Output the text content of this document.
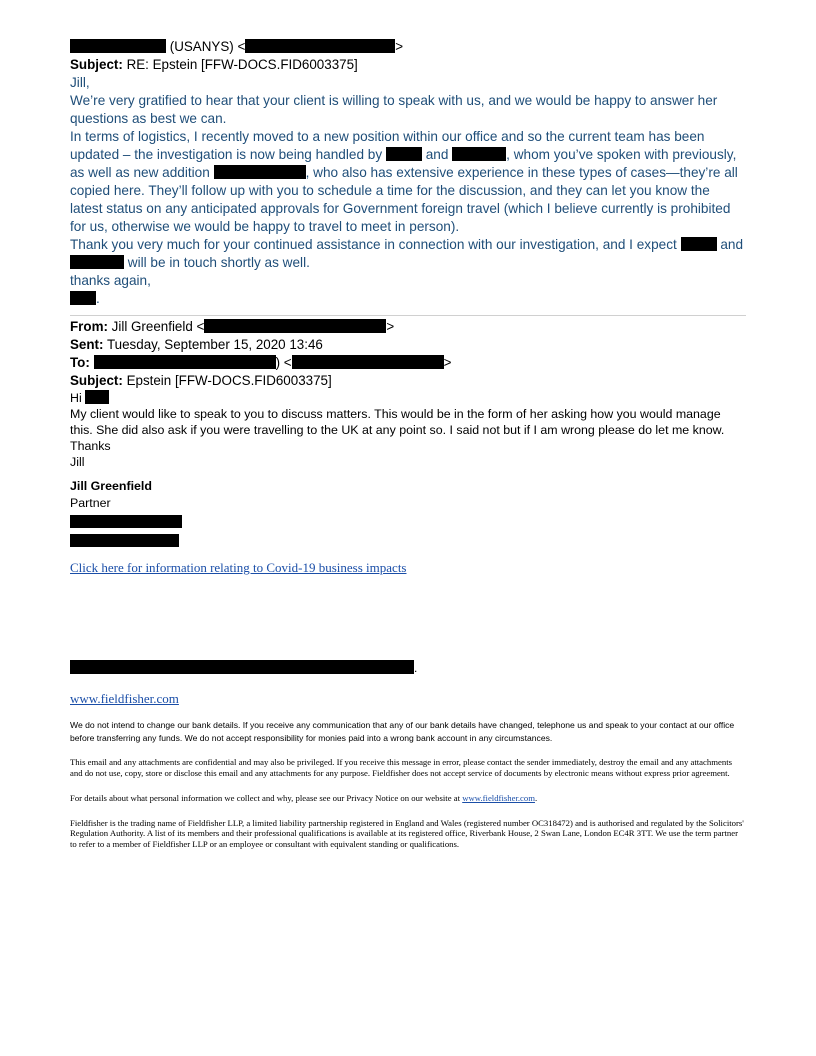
(USANYS) <	>
Subject: RE: Epstein [FFW-DOCS.FID6003375]

Jill,

We’re very gratified to hear that your client is willing to speak with us, and we would be happy to answer her questions as best we can.

In terms of logistics, I recently moved to a new position within our office and so the current team has been updated – the investigation is now being handled by	and	, whom you’ve spoken with previously, as well as new addition	, who also has extensive experience in these types of cases—they’re all copied here. They’ll follow up with you to schedule a time for the discussion, and they can let you know the latest status on any anticipated approvals for Government foreign travel (which I believe currently is prohibited for us, otherwise we would be happy to travel to meet in person).

Thank you very much for your continued assistance in connection with our investigation, and I expect	and  will be in touch shortly as well.

thanks again,

.

From: Jill Greenfield <	>
Sent: Tuesday, September 15, 2020 13:46
To:	) <	>
Subject: Epstein [FFW-DOCS.FID6003375]

Hi

My client would like to speak to you to discuss matters. This would be in the form of her asking how you would manage this. She did also ask if you were travelling to the UK at any point so. I said not but if I am wrong please do let me know.

Thanks

Jill

Jill Greenfield
Partner
Click here for information relating to Covid-19 business impacts
.
www.fieldfisher.com
We do not intend to change our bank details. If you receive any communication that any of our bank details have changed, telephone us and speak to your contact at our office before transferring any funds. We do not accept responsibility for monies paid into a wrong bank account in any circumstances.
This email and any attachments are confidential and may also be privileged. If you receive this message in error, please contact the sender immediately, destroy the email and any attachments and do not use, copy, store or disclose this email and any attachments for any purpose. Fieldfisher does not accept service of documents by electronic means without express prior agreement.
For details about what personal information we collect and why, please see our Privacy Notice on our website at www.fieldfisher.com.
Fieldfisher is the trading name of Fieldfisher LLP, a limited liability partnership registered in England and Wales (registered number OC318472) and is authorised and regulated by the Solicitors' Regulation Authority. A list of its members and their professional qualifications is available at its registered office, Riverbank House, 2 Swan Lane, London EC4R 3TT. We use the term partner to refer to a member of Fieldfisher LLP or an employee or consultant with equivalent standing or qualifications.
